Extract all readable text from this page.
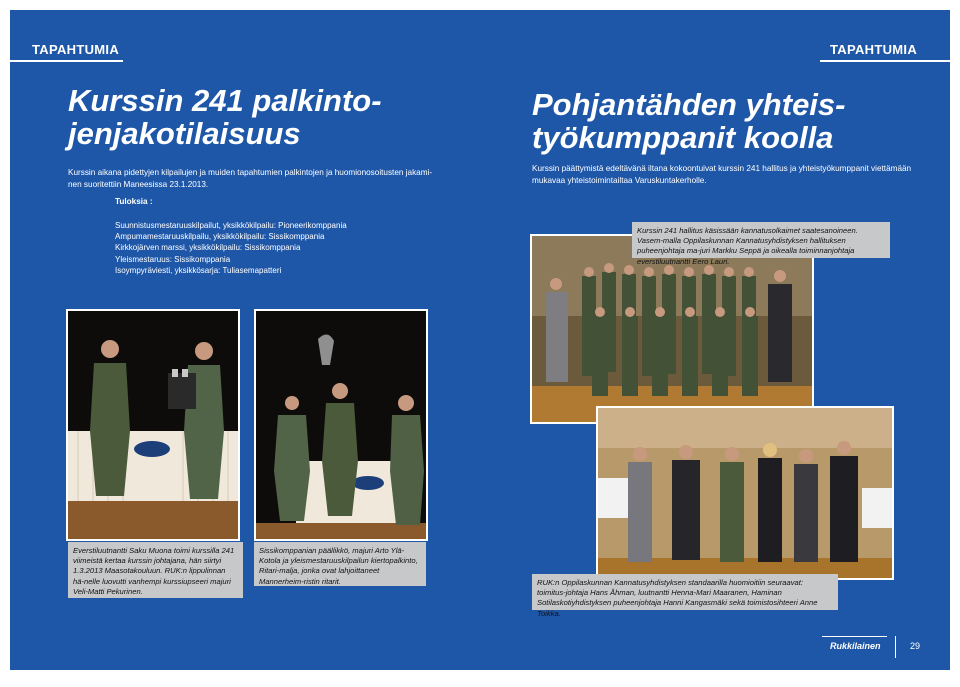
TAPAHTUMIA	TAPAHTUMIA
Kurssin 241 palkinto-
jenjakotilaisuus

Kurssin aikana pidettyjen kilpailujen ja muiden tapahtumien palkintojen ja huomionosoitusten jakami-
nen suoritettiin Maneesissa 23.1.2013.

Tuloksia :
Suunnistusmestaruuskilpailut, yksikkökilpailu: Pioneerikomppania
Ampumamestaruuskilpailu, yksikkökilpailu: Sissikomppania
Kirkkojärven marssi, yksikkökilpailu: Sissikomppania
Yleismestaruus: Sissikomppania
Isoympyräviesti, yksikkösarja: Tuliasemapatteri
Pohjantähden yhteis-
työkumppanit koolla

Kurssin päättymistä edeltävänä iltana kokoontuivat kurssin 241 hallitus ja yhteistyökumppanit viettämään
mukavaa yhteistoimintailtaa Varuskuntakerholle.

Everstiluutnantti Saku Muona toimi kurssilla 241 viimeistä kertaa kurssin johtajana, hän siirtyi 1.3.2013 Maasotakouluun. RUK:n lippulinnan hä-nelle luovutti vanhempi kurssiupseeri majuri Veli-Matti Pekurinen.
Sissikomppanian päällikkö, majuri Arto Ylä-Kotola ja yleismestaruuskilpailun kiertopalkinto, Ritari-malja, jonka ovat lahjoittaneet Mannerheim-ristin ritarit.
Kurssin 241 hallitus käsissään kannatusolkaimet saatesanoineen. Vasem-malla Oppilaskunnan Kannatusyhdistyksen hallituksen puheenjohtaja ma-juri Markku Seppä ja oikealla toiminnanjohtaja everstiluutnantti Eero Lauri.
RUK:n Oppilaskunnan Kannatusyhdistyksen standaarilla huomioitiin seuraavat: toimitus-johtaja Hans Åhman, luutnantti Henna-Mari Maaranen, Haminan Sotilaskotiyhdistyksen puheenjohtaja Hanni Kangasmäki sekä toimistosihteeri Anne Toikka.
Rukkilainen	29
